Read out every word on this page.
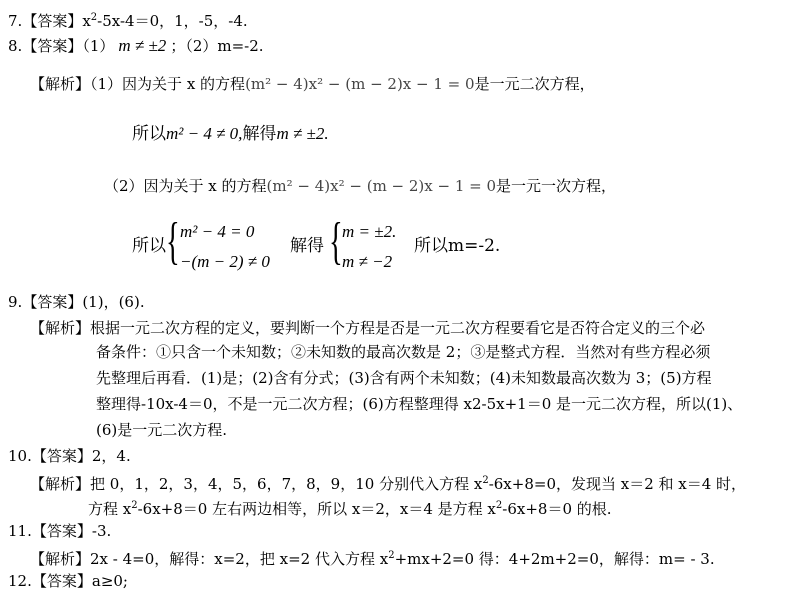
7.【答案】$x^2-5x-4=0$，1，-5，-4.
8.【答案】（1） m ≠ ±2 ；（2）m=-2.
【解析】（1）因为关于 x 的方程(m² − 4)x² − (m − 2)x − 1 = 0是一元二次方程，
所以m² − 4 ≠ 0,解得m ≠ ±2.
（2）因为关于 x 的方程(m² − 4)x² − (m − 2)x − 1 = 0是一元一次方程，
所以 { m² − 4 = 0
−(m − 2) ≠ 0
解得 { m = ±2.
m ≠ −2
所以m=-2.
9.【答案】(1)，(6).
【解析】根据一元二次方程的定义，要判断一个方程是否是一元二次方程要看它是否符合定义的三个必
备条件：①只含一个未知数；②未知数的最高次数是 2；③是整式方程．当然对有些方程必须
先整理后再看．(1)是；(2)含有分式；(3)含有两个未知数；(4)未知数最高次数为 3；(5)方程
整理得-10x-4＝0，不是一元二次方程；(6)方程整理得 x2-5x+1＝0 是一元二次方程，所以(1)、
(6)是一元二次方程.
10.【答案】2，4.
【解析】把 0，1，2，3，4，5，6，7，8，9，10 分别代入方程 $x^2-6x+8=0$，发现当 x＝2 和 x＝4 时，
方程 $x^2-6x+8=0$ 左右两边相等，所以 x＝2，x＝4 是方程 $x^2-6x+8=0$ 的根.
11.【答案】-3.
【解析】2x - 4=0，解得：x=2，把 x=2 代入方程 $x^2+mx+2=0$ 得：4+2m+2=0，解得：m= - 3.
12.【答案】a≥0;
